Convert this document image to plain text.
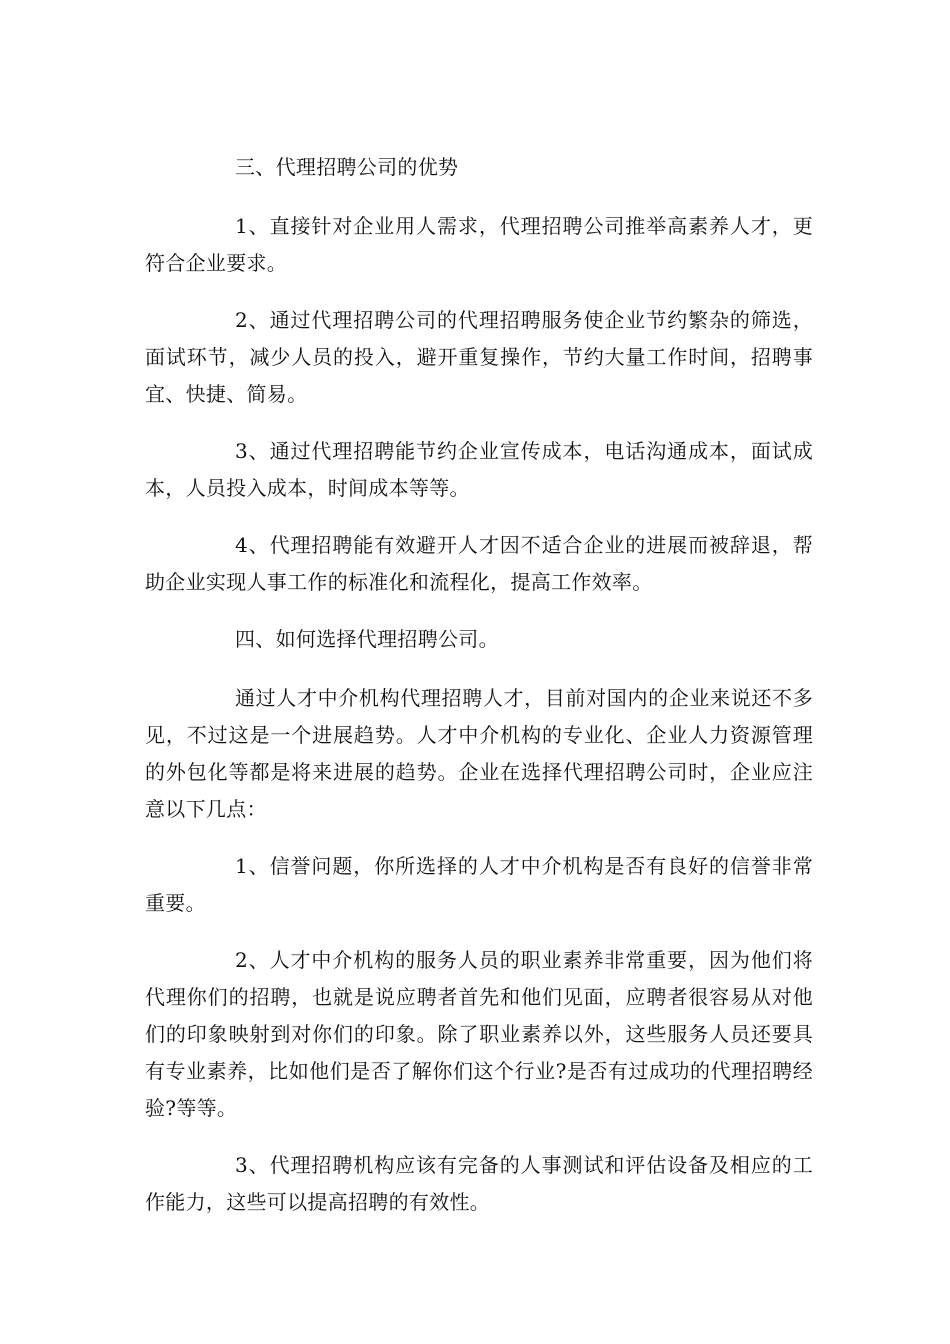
三、代理招聘公司的优势

1、直接针对企业用人需求，代理招聘公司推举高素养人才，更符合企业要求。

2、通过代理招聘公司的代理招聘服务使企业节约繁杂的筛选，面试环节，减少人员的投入，避开重复操作，节约大量工作时间，招聘事宜、快捷、简易。

3、通过代理招聘能节约企业宣传成本，电话沟通成本，面试成本，人员投入成本，时间成本等等。

4、代理招聘能有效避开人才因不适合企业的进展而被辞退，帮助企业实现人事工作的标准化和流程化，提高工作效率。

四、如何选择代理招聘公司。

通过人才中介机构代理招聘人才，目前对国内的企业来说还不多见，不过这是一个进展趋势。人才中介机构的专业化、企业人力资源管理的外包化等都是将来进展的趋势。企业在选择代理招聘公司时，企业应注意以下几点：

1、信誉问题，你所选择的人才中介机构是否有良好的信誉非常重要。

2、人才中介机构的服务人员的职业素养非常重要，因为他们将代理你们的招聘，也就是说应聘者首先和他们见面，应聘者很容易从对他们的印象映射到对你们的印象。除了职业素养以外，这些服务人员还要具有专业素养，比如他们是否了解你们这个行业?是否有过成功的代理招聘经验?等等。

3、代理招聘机构应该有完备的人事测试和评估设备及相应的工作能力，这些可以提高招聘的有效性。
